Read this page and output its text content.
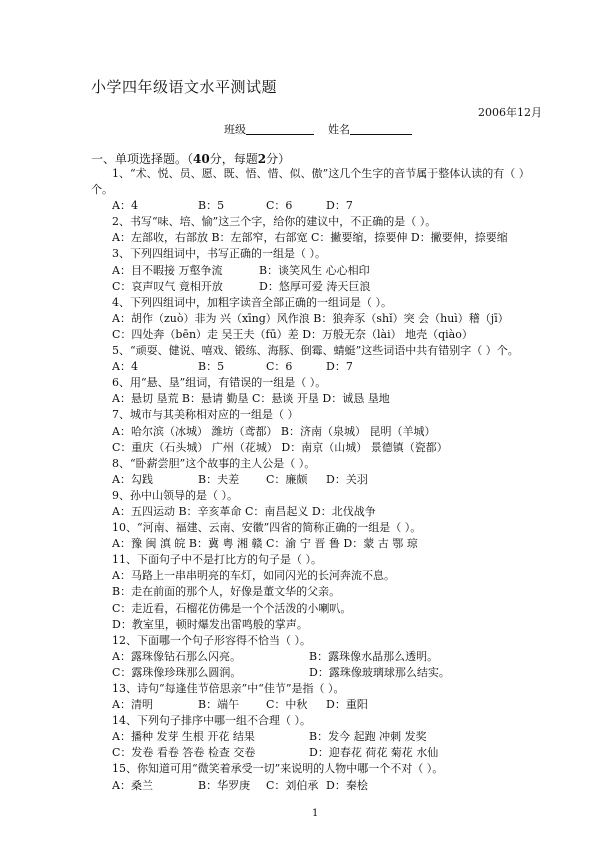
小学四年级语文水平测试题
2006年12月
班级	姓名
一、单项选择题。（40分，每题2分）
1、“术、悦、员、愿、既、悟、惜、似、傲”这几个生字的音节属于整体认读的有（ ）
个。
A：4	B：5	C：6	D：7
2、书写“味、培、愉”这三个字，给你的建议中，不正确的是（ ）。
A：左部收，右部放 B：左部窄，右部宽 C：撇要缩，捺要伸 D：撇要伸，捺要缩
3、下列四组词中，书写正确的一组是（ ）。
A：目不暇接 万壑争流	B：谈笑风生 心心相印
C：哀声叹气 竟相开放	D：悠厚可爱 涛天巨浪
4、下列四组词中，加粗字读音全部正确的一组词是（ ）。
A：胡作（zuò）非为 兴（xīng）风作浪 B：狼奔豕（shǐ）突 会（huì）稽（jī）
C：四处奔（bēn）走 吴王夫（fū）差 D：万般无奈（lài） 地壳（qiào）
5、“顽耍、健说、嘻戏、锻练、海豚、倒霉、蜻蜓”这些词语中共有错别字（ ）个。
A：4	B：5	C：6	D：7
6、用“悬、垦”组词，有错误的一组是（ ）。
A：悬切 垦荒 B：悬请 勤垦 C：悬谈 开垦 D：诚恳 垦地
7、城市与其美称相对应的一组是（ ）
A：哈尔滨（冰城） 潍坊（鸢都） B：济南（泉城） 昆明（羊城）
C：重庆（石头城） 广州（花城） D：南京（山城） 景德镇（瓷都）
8、“卧薪尝胆”这个故事的主人公是（ ）。
A：勾践	B：夫差 C：廉颇 D：关羽
9、孙中山领导的是（ ）。
A：五四运动 B：辛亥革命 C：南昌起义 D：北伐战争
10、“河南、福建、云南、安徽”四省的简称正确的一组是（ ）。
A：豫 闽 滇 皖 B：冀 粤 湘 赣 C：渝 宁 晋 鲁 D：蒙 古 鄂 琼
11、下面句子中不是打比方的句子是（ ）。
A：马路上一串串明亮的车灯，如同闪光的长河奔流不息。
B：走在前面的那个人，好像是董文华的父亲。
C：走近看，石榴花仿佛是一个个活泼的小喇叭。
D：教室里，顿时爆发出雷鸣般的掌声。
12、下面哪一个句子形容得不恰当（ ）。
A：露珠像钻石那么闪亮。	B：露珠像水晶那么透明。
C：露珠像珍珠那么圆润。	D：露珠像玻璃球那么结实。
13、诗句“每逢佳节倍思亲”中“佳节”是指（ ）。
A：清明	B：端午 C：中秋 D：重阳
14、下列句子排序中哪一组不合理（ ）。
A：播种 发芽 生根 开花 结果	B：发今 起跑 冲刺 发奖
C：发卷 看卷 答卷 检查 交卷	D：迎春花 荷花 菊花 水仙
15、你知道可用“微笑着承受一切”来说明的人物中哪一个不对（ ）。
A：桑兰	B：华罗庚 C：刘伯承 D：秦桧
1
